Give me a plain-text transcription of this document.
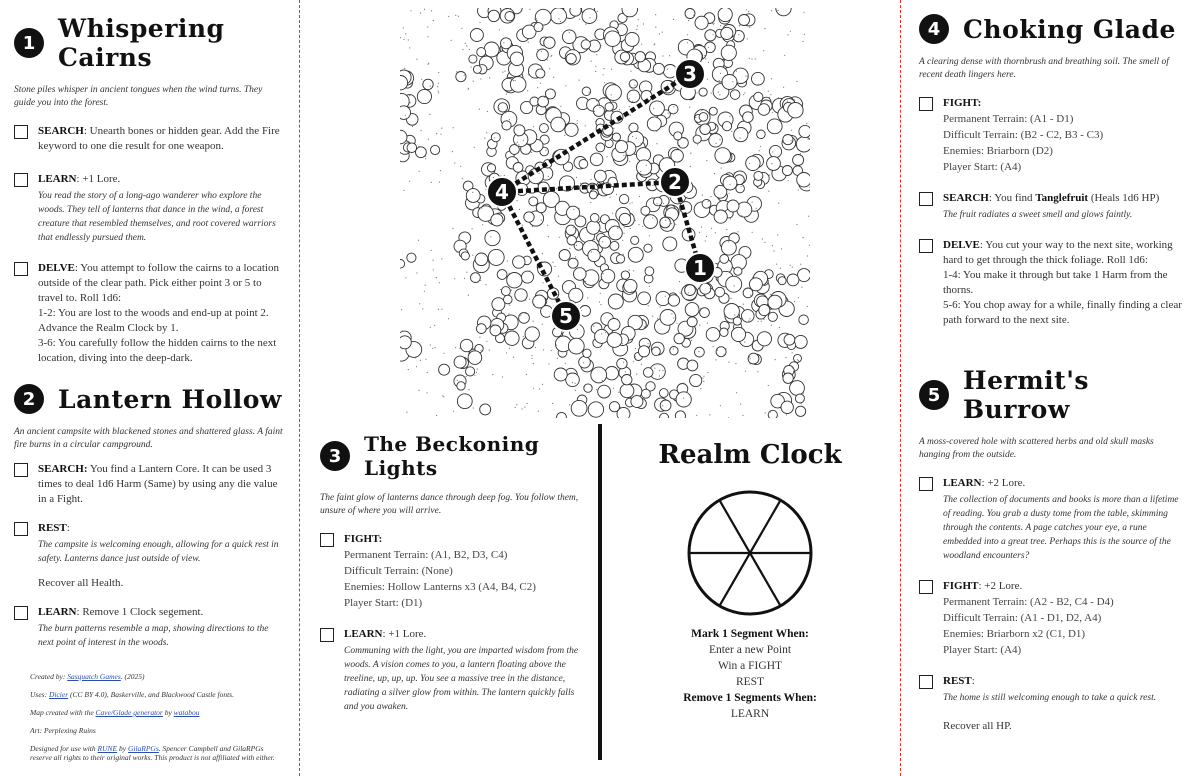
1 Whispering Cairns
Stone piles whisper in ancient tongues when the wind turns. They guide you into the forest.
SEARCH: Unearth bones or hidden gear. Add the Fire keyword to one die result for one weapon.
LEARN: +1 Lore.
You read the story of a long-ago wanderer who explore the woods. They tell of lanterns that dance in the wind, a forest creature that resembled themselves, and root covered warriors that endlessly pursued them.
DELVE: You attempt to follow the cairns to a location outside of the clear path. Pick either point 3 or 5 to travel to. Roll 1d6:
1-2: You are lost to the woods and end-up at point 2. Advance the Realm Clock by 1.
3-6: You carefully follow the hidden cairns to the next location, diving into the deep-dark.
2 Lantern Hollow
An ancient campsite with blackened stones and shattered glass. A faint fire burns in a circular campground.
SEARCH: You find a Lantern Core. It can be used 3 times to deal 1d6 Harm (Same) by using any die value in a Fight.
REST:
The campsite is welcoming enough, allowing for a quick rest in safety. Lanterns dance just outside of view.
Recover all Health.
LEARN: Remove 1 Clock segement.
The burn patterns resemble a map, showing directions to the next point of interest in the woods.

Created by: Sasquatch Games. (2025)

Uses: Dicier (CC BY 4.0), Baskerville, and Blackwood Castle fonts.

Map created with the Cave/Glade generator by watabou

Art: Perplexing Ruins

Designed for use with RUNE by GilaRPGs. Spencer Campbell and GilaRPGs reserve all rights to their original works. This product is not affiliated with either.

1
2
3
4
5
3	The Beckoning Lights
The faint glow of lanterns dance through deep fog. You follow them, unsure of where you will arrive.
FIGHT:
Permanent Terrain: (A1, B2, D3, C4)
Difficult Terrain: (None)
Enemies: Hollow Lanterns x3 (A4, B4, C2)
Player Start: (D1)
LEARN: +1 Lore.
Communing with the light, you are imparted wisdom from the woods. A vision comes to you, a lantern floating above the treeline, up, up, up. You see a massive tree in the distance, radiating a silver glow from within. The lantern quickly falls and you awaken.
Realm Clock
Mark 1 Segment When:
Enter a new Point
Win a FIGHT
REST
Remove 1 Segments When:
LEARN
4 Choking Glade
A clearing dense with thornbrush and breathing soil. The smell of recent death lingers here.
FIGHT:
Permanent Terrain: (A1 - D1)
Difficult Terrain: (B2 - C2, B3 - C3)
Enemies: Briarborn (D2)
Player Start: (A4)
SEARCH: You find Tanglefruit (Heals 1d6 HP)
The fruit radiates a sweet smell and glows faintly.
DELVE: You cut your way to the next site, working hard to get through the thick foliage. Roll 1d6:
1-4: You make it through but take 1 Harm from the thorns.
5-6: You chop away for a while, finally finding a clear path forward to the next site.
5 Hermit's Burrow
A moss-covered hole with scattered herbs and old skull masks hanging from the outside.
LEARN: +2 Lore.
The collection of documents and books is more than a lifetime of reading. You grab a dusty tome from the table, skimming through the contents. A page catches your eye, a rune embedded into a great tree. Perhaps this is the source of the woodland encounters?
FIGHT: +2 Lore.
Permanent Terrain: (A2 - B2, C4 - D4)
Difficult Terrain: (A1 - D1, D2, A4)
Enemies: Briarborn x2 (C1, D1)
Player Start: (A4)
REST:
The home is still welcoming enough to take a quick rest.
Recover all HP.
